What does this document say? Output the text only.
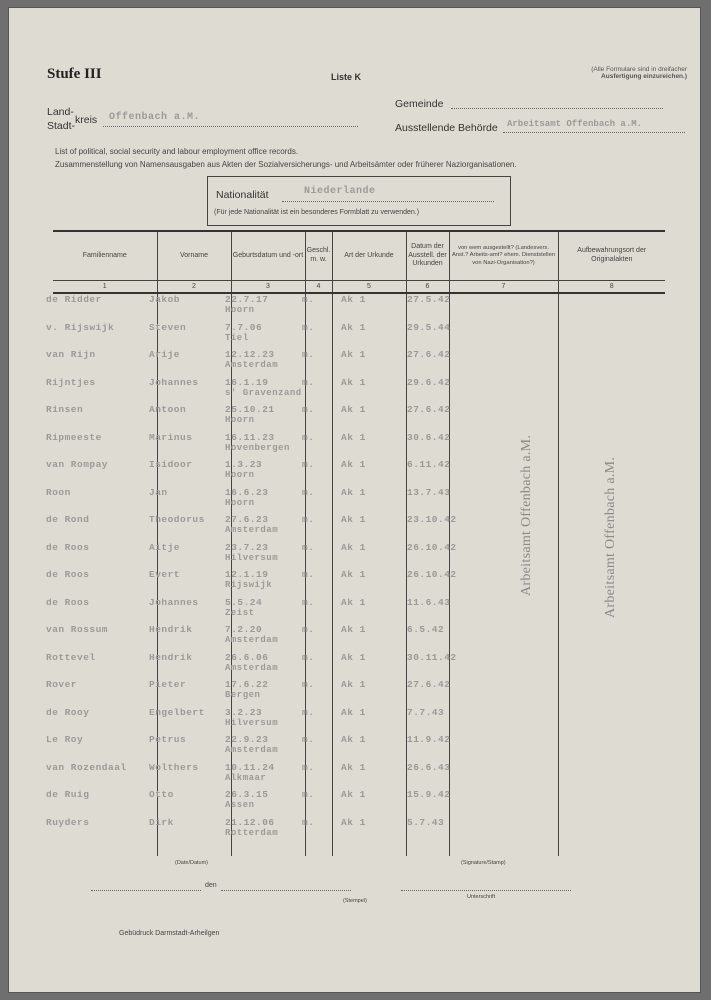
Stufe III	Liste K
(Alle Formulare sind in dreifacher
Ausfertigung einzureichen.)
Land-
Stadt- kreis Offenbach a.M.
Gemeinde
Ausstellende Behörde Arbeitsamt Offenbach a.M.
List of political, social security and labour employment office records.
Zusammenstellung von Namensausgaben aus Akten der Sozialversicherungs- und Arbeitsämter oder früherer Naziorganisationen.
Nationalität	Niederlande
(Für jede Nationalität ist ein besonderes Formblatt zu verwenden.)
Familienname	Vorname	Geburtsdatum und -ort	Geschl. m. w.	Art der Urkunde	Datum der Ausstell. der Urkunden	von wem ausgestellt? (Landesvers. Anst.? Arbeits-amt? ehem. Dienststellen von Nazi-Organisation?)	Aufbewahrungsort der Originalakten
1	2	3	4	5	6	7	8

de Ridder	Jakob	22.7.17	m.	Ak 1	27.5.42
Hoorn
v. Rijswijk	Steven	7.7.06	m.	Ak 1	29.5.44
Tiel
van Rijn	Arije	12.12.23	m.	Ak 1	27.6.42
Amsterdam
Rijntjes	Johannes	16.1.19	m.	Ak 1	29.6.42
s' Gravenzand
Rinsen	Antoon	25.10.21	m.	Ak 1	27.6.42
Hoorn
Ripmeeste	Marinus	16.11.23	m.	Ak 1	30.6.42
Hovenbergen
van Rompay	Isidoor	1.3.23	m.	Ak 1	6.11.42
Hoorn
Roon	Jan	16.6.23	m.	Ak 1	13.7.43
Hoorn
de Rond	Theodorus 27.6.23	m.	Ak 1	23.10.42
Amsterdam
de Roos	Aitje	23.7.23	m.	Ak 1	26.10.42
Hilversum
de Roos	Evert	12.1.19	m.	Ak 1	26.10.42
Rijswijk
de Roos	Johannes	5.5.24	m.	Ak 1	11.6.43
Zeist
van Rossum	Hendrik	7.2.20	m.	Ak 1	6.5.42
Amsterdam
Rottevel	Hendrik	26.6.06	m.	Ak 1	30.11.42
Amsterdam
Rover	Pieter	17.6.22	m.	Ak 1	27.6.42
Bergen
de Rooy	Engelbert 3.2.23	m.	Ak 1	7.7.43
Hilversum
Le Roy	Petrus	22.9.23	m.	Ak 1	11.9.42
Amsterdam
van Rozendaal Wolthers	10.11.24	m.	Ak 1	26.6.43
Alkmaar
de Ruig	Otto	26.3.15	m.	Ak 1	15.9.42
Assen
Ruyders	Dirk	21.12.06	m.	Ak 1	5.7.43
Rotterdam
Arbeitsamt Offenbach a.M.	Arbeitsamt Offenbach a.M.
(Date/Datum)	(Signature/Stamp)
den
(Stempel)
Unterschrift
Gebüdruck Darmstadt-Arheilgen
